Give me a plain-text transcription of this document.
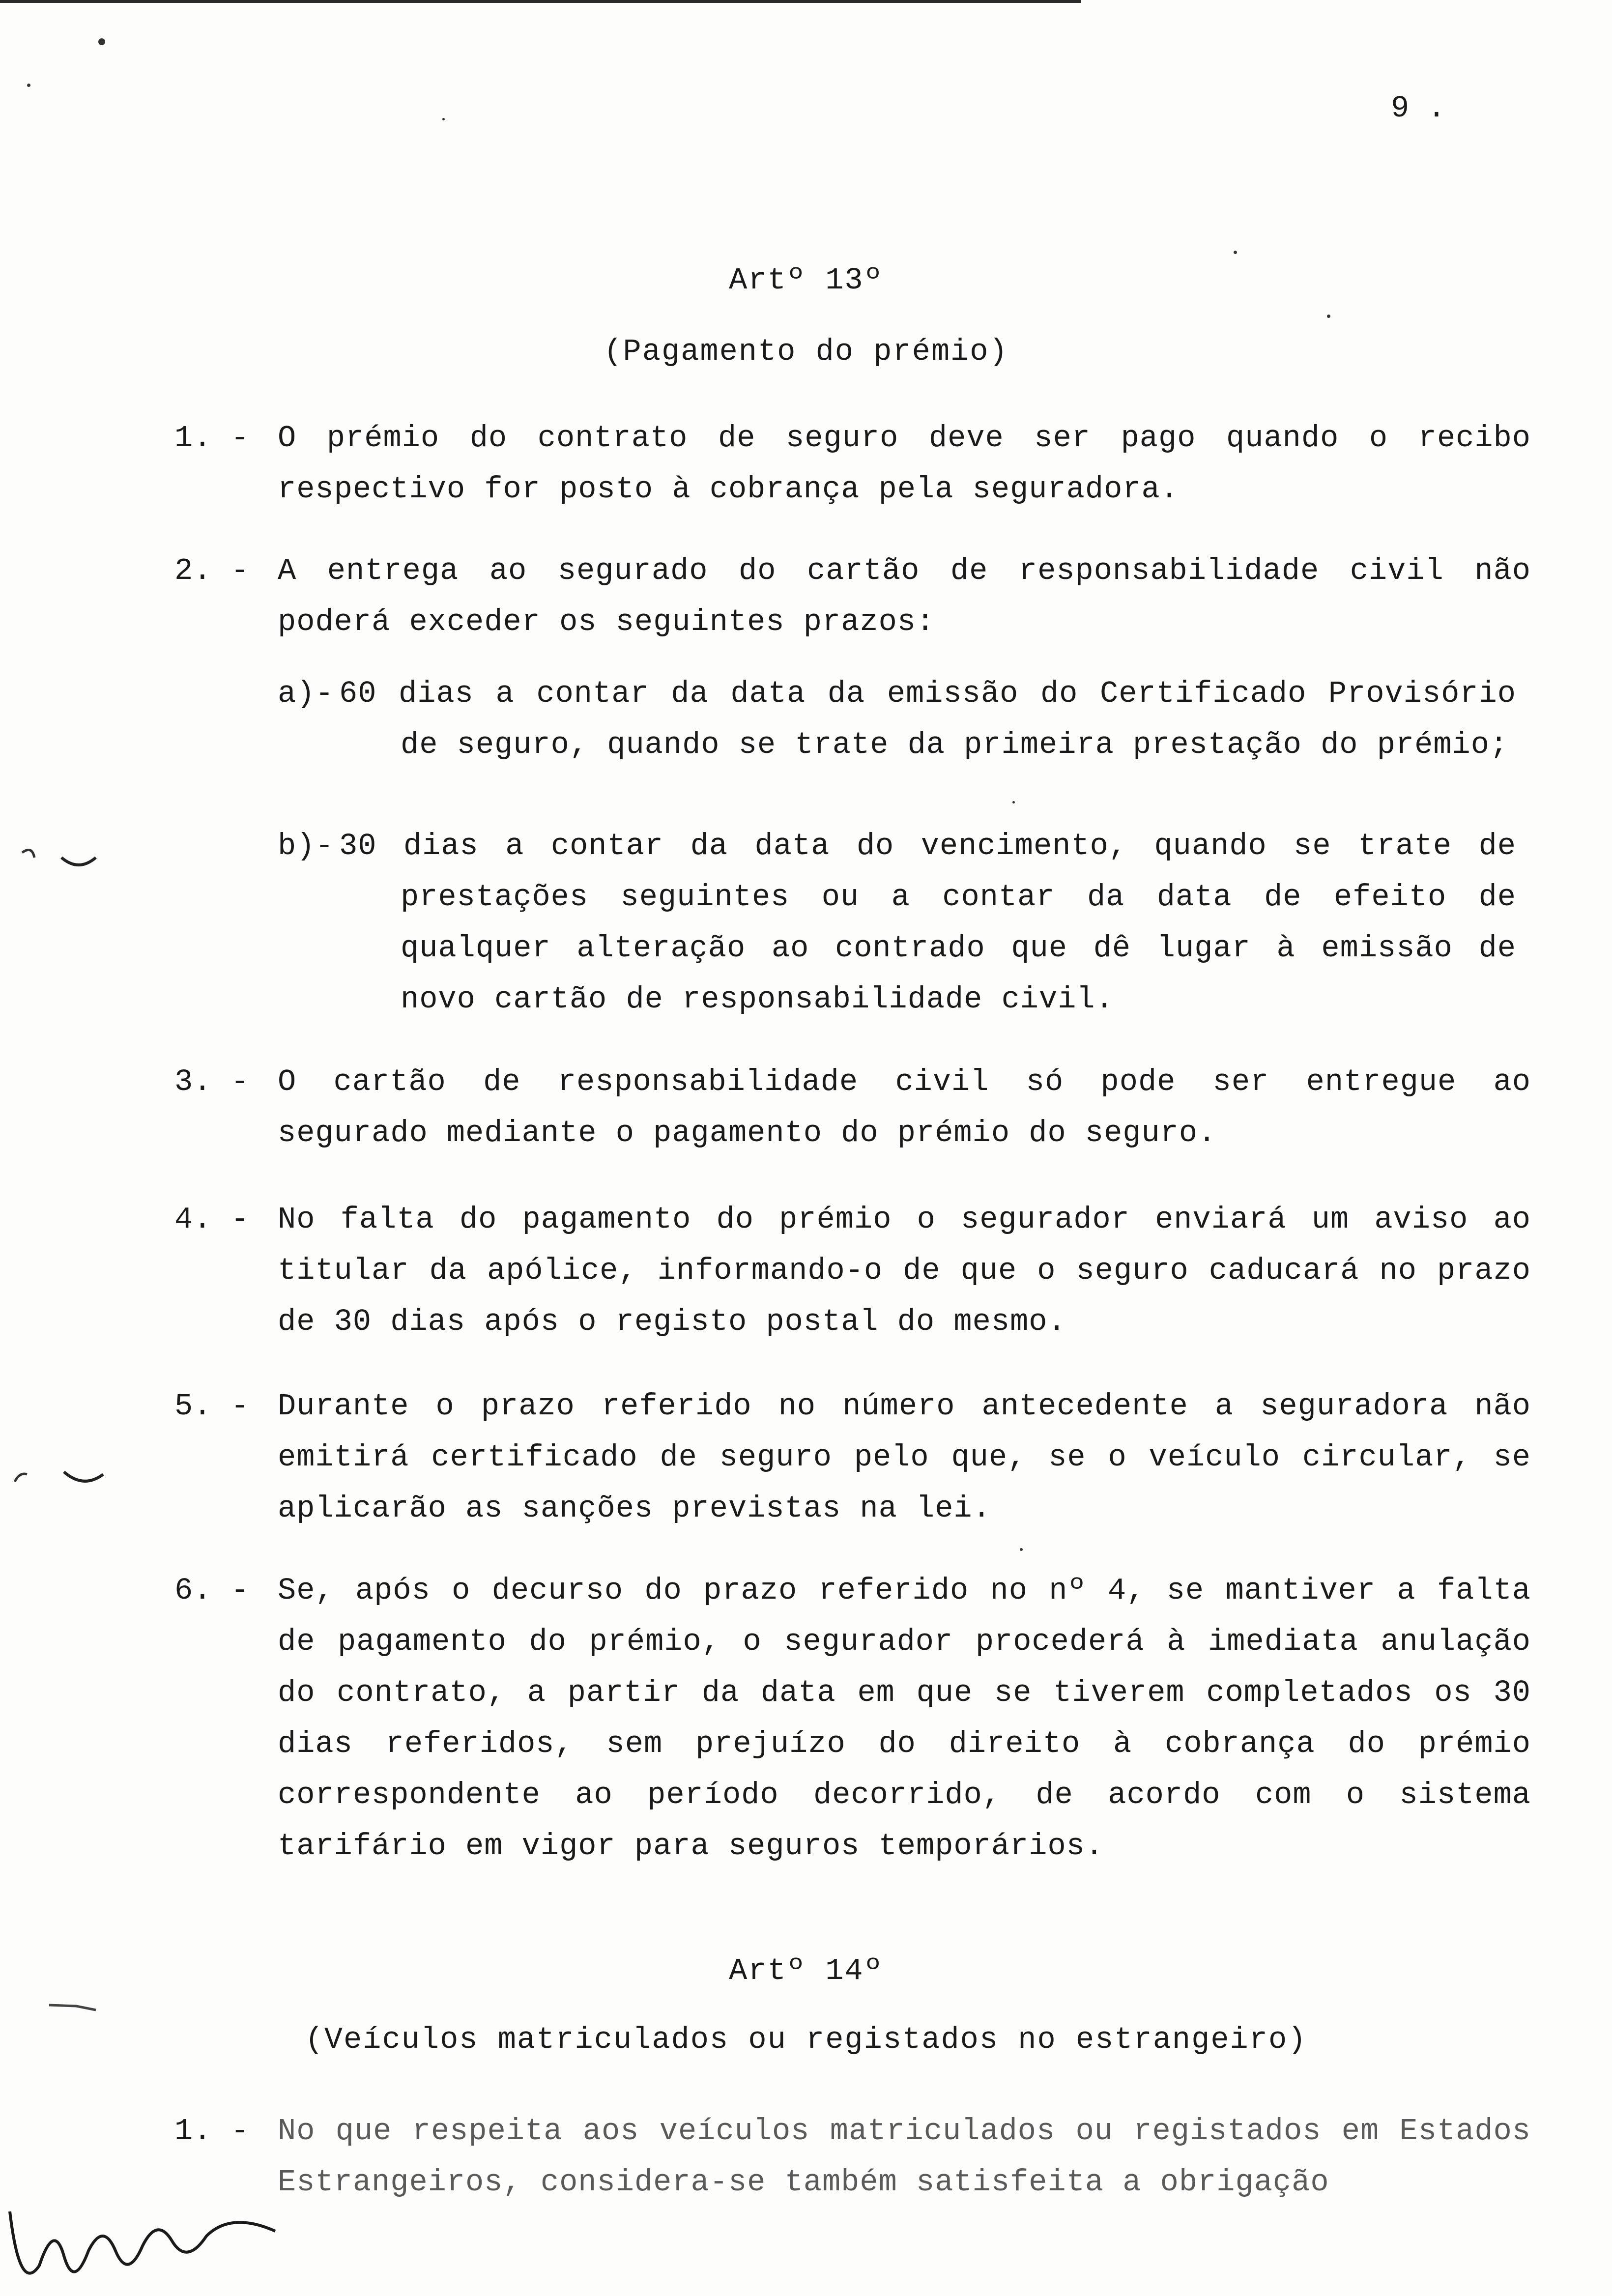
9 .
Artº 13º
(Pagamento do prémio)
1. - O prémio do contrato de seguro deve ser pago quando o recibo respectivo for posto à cobrança pela seguradora.
2. - A entrega ao segurado do cartão de responsabilidade civil não poderá exceder os seguintes prazos:
a)- 60 dias a contar da data da emissão do Certificado Provisório de seguro, quando se trate da primeira prestação do prémio;
b)- 30 dias a contar da data do vencimento, quando se trate de prestações seguintes ou a contar da data de efeito de qualquer alteração ao contrado que dê lugar à emissão de novo cartão de responsabilidade civil.
3. - O cartão de responsabilidade civil só pode ser entregue ao segurado mediante o pagamento do prémio do seguro.
4. - No falta do pagamento do prémio o segurador enviará um aviso ao titular da apólice, informando-o de que o seguro caducará no prazo de 30 dias após o registo postal do mesmo.
5. - Durante o prazo referido no número antecedente a seguradora não emitirá certificado de seguro pelo que, se o veículo circular, se aplicarão as sanções previstas na lei.
6. - Se, após o decurso do prazo referido no nº 4, se mantiver a falta de pagamento do prémio, o segurador procederá à imediata anulação do contrato, a partir da data em que se tiverem completados os 30 dias referidos, sem prejuízo do direito à cobrança do prémio correspondente ao período decorrido, de acordo com o sistema tarifário em vigor para seguros temporários.
Artº 14º
(Veículos matriculados ou registados no estrangeiro)
1. - No que respeita aos veículos matriculados ou registados em Estados Estrangeiros, considera-se também satisfeita a obrigação
